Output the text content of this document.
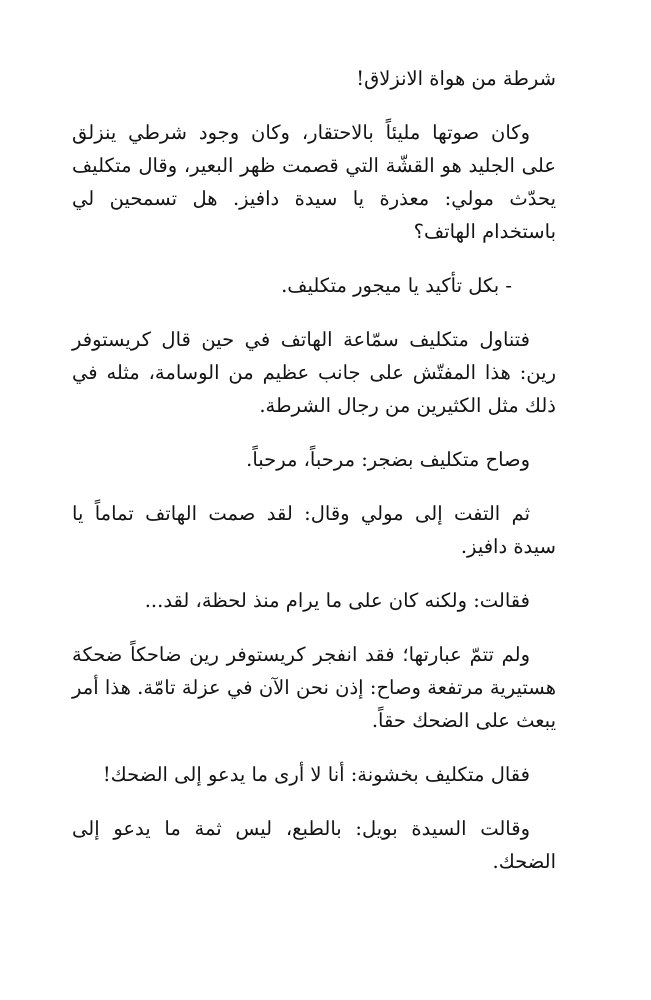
شرطة من هواة الانزلاق!

وكان صوتها مليئاً بالاحتقار، وكان وجود شرطي ينزلق على الجليد هو القشّة التي قصمت ظهر البعير، وقال متكليف يحدّث مولي: معذرة يا سيدة دافيز. هل تسمحين لي باستخدام الهاتف؟

- بكل تأكيد يا ميجور متكليف.

فتناول متكليف سمّاعة الهاتف في حين قال كريستوفر رين: هذا المفتّش على جانب عظيم من الوسامة، مثله في ذلك مثل الكثيرين من رجال الشرطة.

وصاح متكليف بضجر: مرحباً، مرحباً.

ثم التفت إلى مولي وقال: لقد صمت الهاتف تماماً يا سيدة دافيز.

فقالت: ولكنه كان على ما يرام منذ لحظة، لقد...

ولم تتمّ عبارتها؛ فقد انفجر كريستوفر رين ضاحكاً ضحكة هستيرية مرتفعة وصاح: إذن نحن الآن في عزلة تامّة. هذا أمر يبعث على الضحك حقاً.

فقال متكليف بخشونة: أنا لا أرى ما يدعو إلى الضحك!

وقالت السيدة بويل: بالطبع، ليس ثمة ما يدعو إلى الضحك.
